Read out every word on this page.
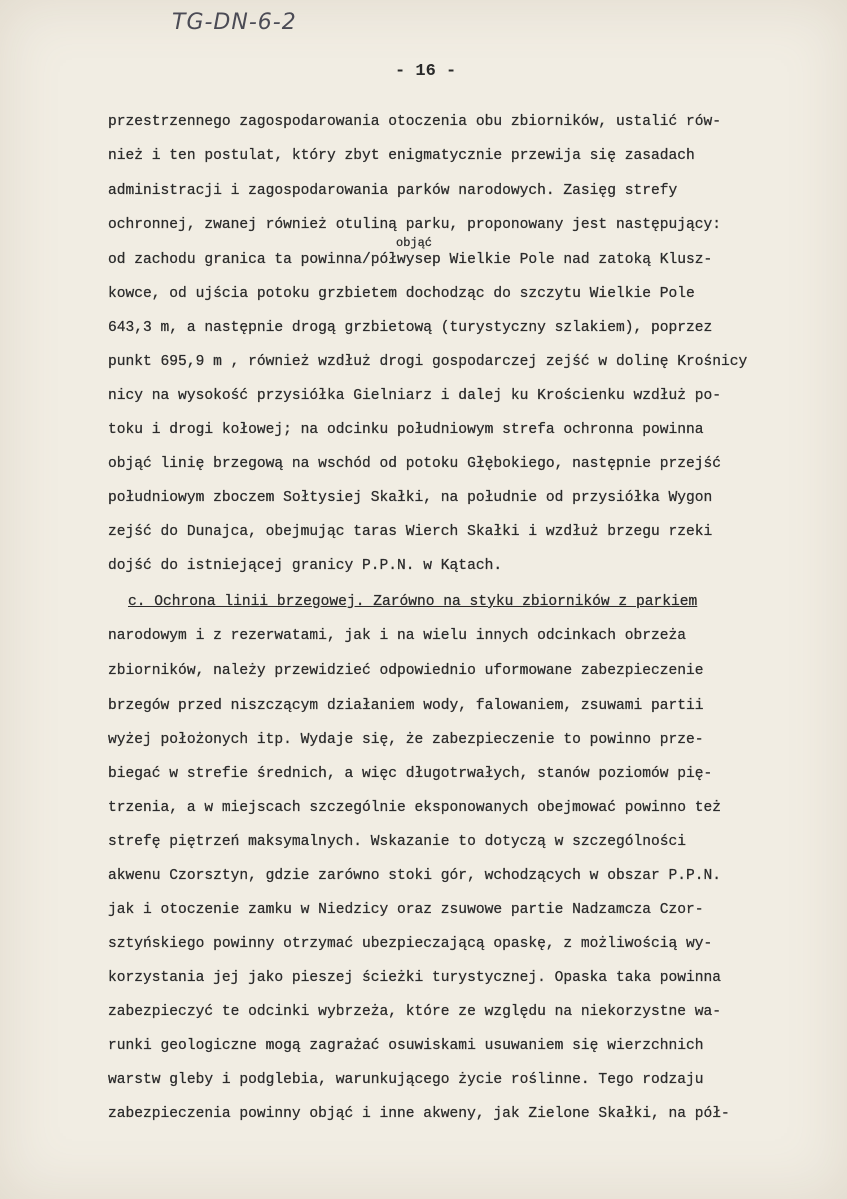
TG-DN-6-2
- 16 -
przestrzennego zagospodarowania otoczenia obu zbiorników, ustalić rów-
nież i ten postulat, który zbyt enigmatycznie przewija się zasadach
administracji i zagospodarowania parków narodowych. Zasięg strefy
ochronnej, zwanej również otuliną parku, proponowany jest następujący:
objąć
od zachodu granica ta powinna/półwysep Wielkie Pole nad zatoką Klusz-
kowce, od ujścia potoku grzbietem dochodząc do szczytu Wielkie Pole
643,3 m, a następnie drogą grzbietową (turystyczny szlakiem), poprzez
punkt 695,9 m , również wzdłuż drogi gospodarczej zejść w dolinę Krośnicy
nicy na wysokość przysiółka Gielniarz i dalej ku Krościenku wzdłuż po-
toku i drogi kołowej; na odcinku południowym strefa ochronna powinna
objąć linię brzegową na wschód od potoku Głębokiego, następnie przejść
południowym zboczem Sołtysiej Skałki, na południe od przysiółka Wygon
zejść do Dunajca, obejmując taras Wierch Skałki i wzdłuż brzegu rzeki
dojść do istniejącej granicy P.P.N. w Kątach.
c. Ochrona linii brzegowej. Zarówno na styku zbiorników z parkiem
narodowym i z rezerwatami, jak i na wielu innych odcinkach obrzeża
zbiorników, należy przewidzieć odpowiednio uformowane zabezpieczenie
brzegów przed niszczącym działaniem wody, falowaniem, zsuwami partii
wyżej położonych itp. Wydaje się, że zabezpieczenie to powinno prze-
biegać w strefie średnich, a więc długotrwałych, stanów poziomów pię-
trzenia, a w miejscach szczególnie eksponowanych obejmować powinno też
strefę piętrzeń maksymalnych. Wskazanie to dotyczą w szczególności
akwenu Czorsztyn, gdzie zarówno stoki gór, wchodzących w obszar P.P.N.
jak i otoczenie zamku w Niedzicy oraz zsuwowe partie Nadzamcza Czor-
sztyńskiego powinny otrzymać ubezpieczającą opaskę, z możliwością wy-
korzystania jej jako pieszej ścieżki turystycznej. Opaska taka powinna
zabezpieczyć te odcinki wybrzeża, które ze względu na niekorzystne wa-
runki geologiczne mogą zagrażać osuwiskami usuwaniem się wierzchnich
warstw gleby i podglebia, warunkującego życie roślinne. Tego rodzaju
zabezpieczenia powinny objąć i inne akweny, jak Zielone Skałki, na pół-
